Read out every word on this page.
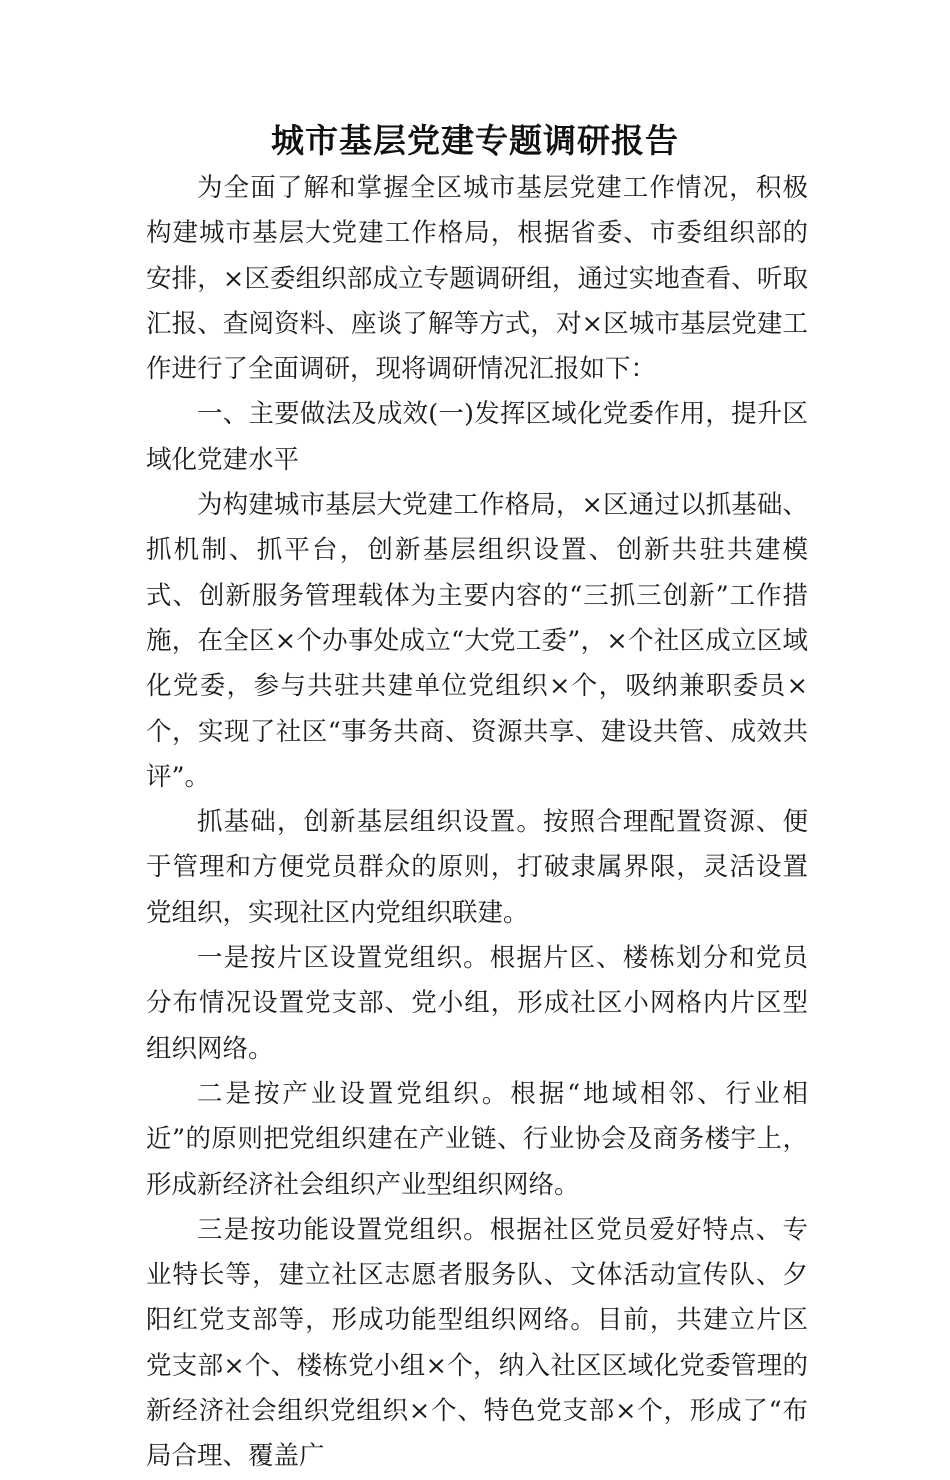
城市基层党建专题调研报告

为全面了解和掌握全区城市基层党建工作情况，积极构建城市基层大党建工作格局，根据省委、市委组织部的安排，×区委组织部成立专题调研组，通过实地查看、听取汇报、查阅资料、座谈了解等方式，对×区城市基层党建工作进行了全面调研，现将调研情况汇报如下：

一、主要做法及成效(一)发挥区域化党委作用，提升区域化党建水平

为构建城市基层大党建工作格局，×区通过以抓基础、抓机制、抓平台，创新基层组织设置、创新共驻共建模式、创新服务管理载体为主要内容的“三抓三创新”工作措施，在全区×个办事处成立“大党工委”，×个社区成立区域化党委，参与共驻共建单位党组织×个，吸纳兼职委员×个，实现了社区“事务共商、资源共享、建设共管、成效共评”。

抓基础，创新基层组织设置。按照合理配置资源、便于管理和方便党员群众的原则，打破隶属界限，灵活设置党组织，实现社区内党组织联建。

一是按片区设置党组织。根据片区、楼栋划分和党员分布情况设置党支部、党小组，形成社区小网格内片区型组织网络。

二是按产业设置党组织。根据“地域相邻、行业相近”的原则把党组织建在产业链、行业协会及商务楼宇上，形成新经济社会组织产业型组织网络。

三是按功能设置党组织。根据社区党员爱好特点、专业特长等，建立社区志愿者服务队、文体活动宣传队、夕阳红党支部等，形成功能型组织网络。目前，共建立片区党支部×个、楼栋党小组×个，纳入社区区域化党委管理的新经济社会组织党组织×个、特色党支部×个，形成了“布局合理、覆盖广
